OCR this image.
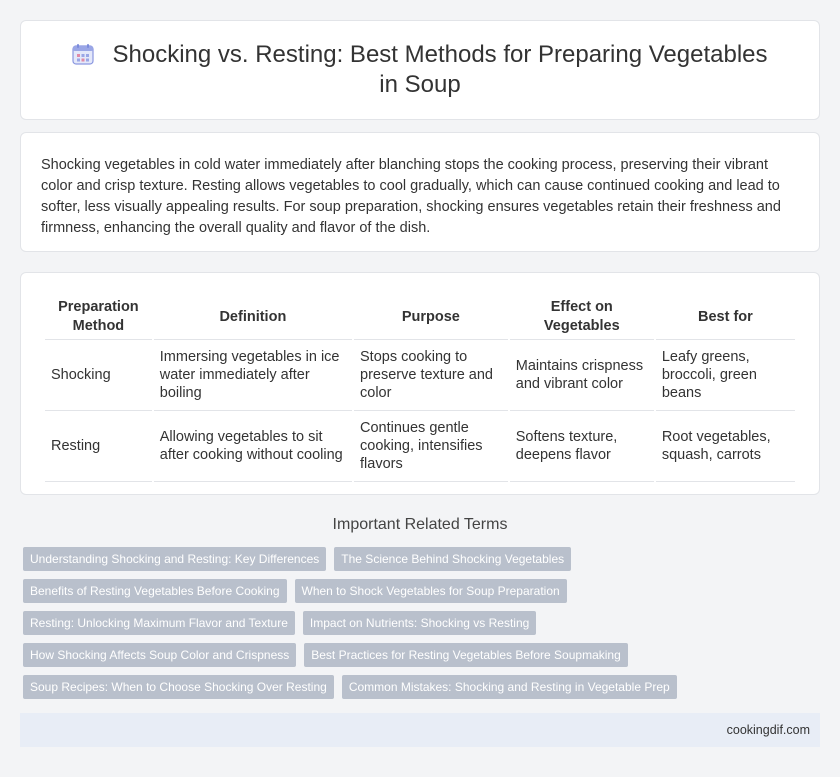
Shocking vs. Resting: Best Methods for Preparing Vegetables in Soup

Shocking vegetables in cold water immediately after blanching stops the cooking process, preserving their vibrant color and crisp texture. Resting allows vegetables to cool gradually, which can cause continued cooking and lead to softer, less visually appealing results. For soup preparation, shocking ensures vegetables retain their freshness and firmness, enhancing the overall quality and flavor of the dish.

Preparation Method	Definition	Purpose	Effect on Vegetables	Best for
Shocking	Immersing vegetables in ice water immediately after boiling	Stops cooking to preserve texture and color	Maintains crispness and vibrant color	Leafy greens, broccoli, green beans
Resting	Allowing vegetables to sit after cooking without cooling	Continues gentle cooking, intensifies flavors	Softens texture, deepens flavor	Root vegetables, squash, carrots
Important Related Terms
Understanding Shocking and Resting: Key Differences	The Science Behind Shocking Vegetables
Benefits of Resting Vegetables Before Cooking	When to Shock Vegetables for Soup Preparation
Resting: Unlocking Maximum Flavor and Texture	Impact on Nutrients: Shocking vs Resting
How Shocking Affects Soup Color and Crispness	Best Practices for Resting Vegetables Before Soupmaking
Soup Recipes: When to Choose Shocking Over Resting	Common Mistakes: Shocking and Resting in Vegetable Prep
cookingdif.com
